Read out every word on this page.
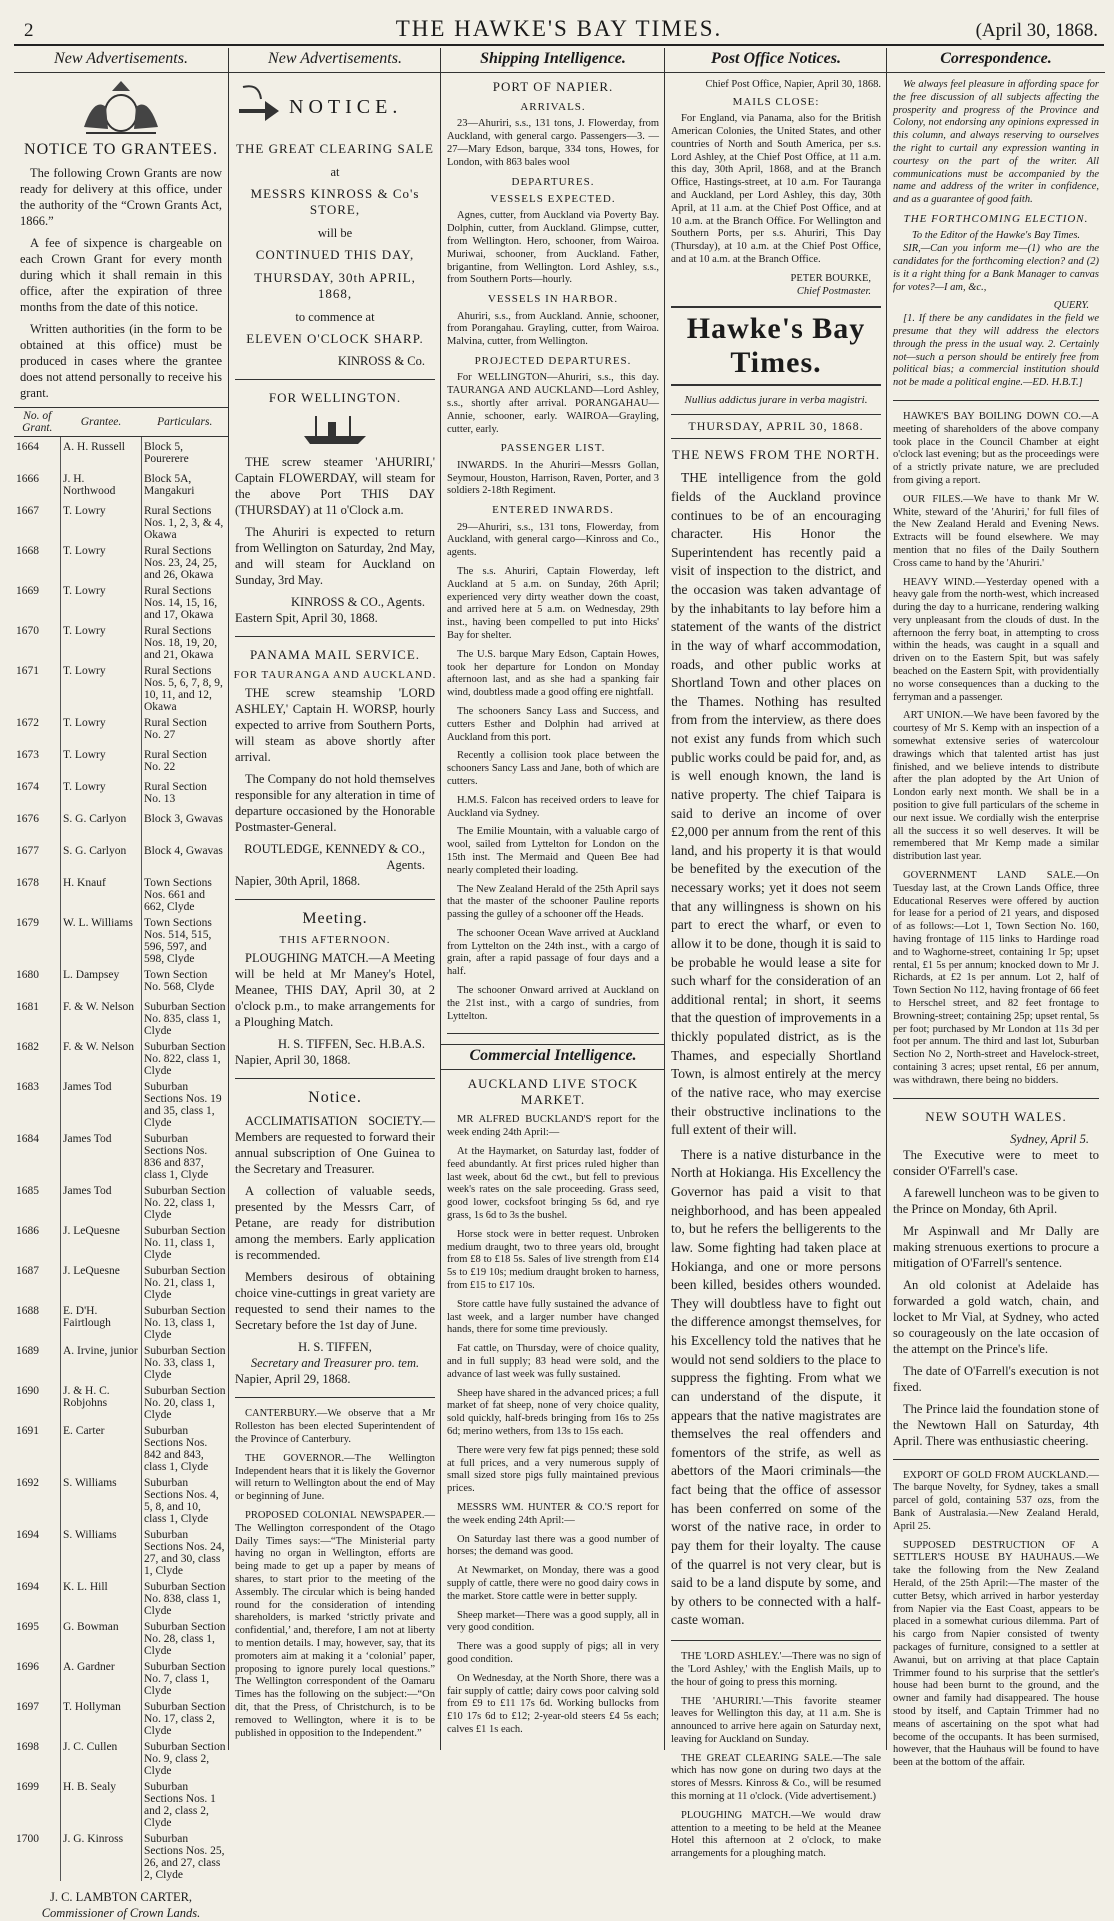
2	THE HAWKE'S BAY TIMES.	(April 30, 1868.
New Advertisements.
NOTICE TO GRANTEES.

The following Crown Grants are now ready for delivery at this office, under the authority of the “Crown Grants Act, 1866.”

A fee of sixpence is chargeable on each Crown Grant for every month during which it shall remain in this office, after the expiration of three months from the date of this notice.

Written authorities (in the form to be obtained at this office) must be produced in cases where the grantee does not attend personally to receive his grant.

No. of Grant.	Grantee.	Particulars.
1664	A. H. Russell	Block 5, Pourerere
1666	J. H. Northwood	Block 5A, Mangakuri
1667	T. Lowry	Rural Sections Nos. 1, 2, 3, & 4, Okawa
1668	T. Lowry	Rural Sections Nos. 23, 24, 25, and 26, Okawa
1669	T. Lowry	Rural Sections Nos. 14, 15, 16, and 17, Okawa
1670	T. Lowry	Rural Sections Nos. 18, 19, 20, and 21, Okawa
1671	T. Lowry	Rural Sections Nos. 5, 6, 7, 8, 9, 10, 11, and 12, Okawa
1672	T. Lowry	Rural Section No. 27
1673	T. Lowry	Rural Section No. 22
1674	T. Lowry	Rural Section No. 13
1676	S. G. Carlyon	Block 3, Gwavas
1677	S. G. Carlyon	Block 4, Gwavas
1678	H. Knauf	Town Sections Nos. 661 and 662, Clyde
1679	W. L. Williams	Town Sections Nos. 514, 515, 596, 597, and 598, Clyde
1680	L. Dampsey	Town Section No. 568, Clyde
1681	F. & W. Nelson	Suburban Section No. 835, class 1, Clyde
1682	F. & W. Nelson	Suburban Section No. 822, class 1, Clyde
1683	James Tod	Suburban Sections Nos. 19 and 35, class 1, Clyde
1684	James Tod	Suburban Sections Nos. 836 and 837, class 1, Clyde
1685	James Tod	Suburban Section No. 22, class 1, Clyde
1686	J. LeQuesne	Suburban Section No. 11, class 1, Clyde
1687	J. LeQuesne	Suburban Section No. 21, class 1, Clyde
1688	E. D'H. Fairtlough	Suburban Section No. 13, class 1, Clyde
1689	A. Irvine, junior	Suburban Section No. 33, class 1, Clyde
1690	J. & H. C. Robjohns	Suburban Section No. 20, class 1, Clyde
1691	E. Carter	Suburban Sections Nos. 842 and 843, class 1, Clyde
1692	S. Williams	Suburban Sections Nos. 4, 5, 8, and 10, class 1, Clyde
1694	S. Williams	Suburban Sections Nos. 24, 27, and 30, class 1, Clyde
1694	K. L. Hill	Suburban Section No. 838, class 1, Clyde
1695	G. Bowman	Suburban Section No. 28, class 1, Clyde
1696	A. Gardner	Suburban Section No. 7, class 1, Clyde
1697	T. Hollyman	Suburban Section No. 17, class 2, Clyde
1698	J. C. Cullen	Suburban Section No. 9, class 2, Clyde
1699	H. B. Sealy	Suburban Sections Nos. 1 and 2, class 2, Clyde
1700	J. G. Kinross	Suburban Sections Nos. 25, 26, and 27, class 2, Clyde
J. C. LAMBTON CARTER,
Commissioner of Crown Lands.
New Advertisements.
NOTICE.
THE GREAT CLEARING SALE
at
MESSRS KINROSS & Co's STORE,
will be
CONTINUED THIS DAY,
THURSDAY, 30th APRIL, 1868,
to commence at
ELEVEN O'CLOCK SHARP.
KINROSS & Co.
FOR WELLINGTON.

THE screw steamer 'AHURIRI,' Captain FLOWERDAY, will steam for the above Port THIS DAY (THURSDAY) at 11 o'Clock a.m.

The Ahuriri is expected to return from Wellington on Saturday, 2nd May, and will steam for Auckland on Sunday, 3rd May.

KINROSS & CO., Agents.
Eastern Spit, April 30, 1868.
PANAMA MAIL SERVICE.
FOR TAURANGA AND AUCKLAND.

THE screw steamship 'LORD ASHLEY,' Captain H. WORSP, hourly expected to arrive from Southern Ports, will steam as above shortly after arrival.

The Company do not hold themselves responsible for any alteration in time of departure occasioned by the Honorable Postmaster-General.

ROUTLEDGE, KENNEDY & CO., Agents.
Napier, 30th April, 1868.
Meeting.
THIS AFTERNOON.

PLOUGHING MATCH.—A Meeting will be held at Mr Maney's Hotel, Meanee, THIS DAY, April 30, at 2 o'clock p.m., to make arrangements for a Ploughing Match.

H. S. TIFFEN, Sec. H.B.A.S.
Napier, April 30, 1868.
Notice.

ACCLIMATISATION SOCIETY.—Members are requested to forward their annual subscription of One Guinea to the Secretary and Treasurer.

A collection of valuable seeds, presented by the Messrs Carr, of Petane, are ready for distribution among the members. Early application is recommended.

Members desirous of obtaining choice vine-cuttings in great variety are requested to send their names to the Secretary before the 1st day of June.

H. S. TIFFEN,
Secretary and Treasurer pro. tem.
Napier, April 29, 1868.

CANTERBURY.—We observe that a Mr Rolleston has been elected Superintendent of the Province of Canterbury.

THE GOVERNOR.—The Wellington Independent hears that it is likely the Governor will return to Wellington about the end of May or beginning of June.

PROPOSED COLONIAL NEWSPAPER.—The Wellington correspondent of the Otago Daily Times says:—“The Ministerial party having no organ in Wellington, efforts are being made to get up a paper by means of shares, to start prior to the meeting of the Assembly. The circular which is being handed round for the consideration of intending shareholders, is marked ‘strictly private and confidential,’ and, therefore, I am not at liberty to mention details. I may, however, say, that its promoters aim at making it a ‘colonial’ paper, proposing to ignore purely local questions.” The Wellington correspondent of the Oamaru Times has the following on the subject:—“On dit, that the Press, of Christchurch, is to be removed to Wellington, where it is to be published in opposition to the Independent.”

Shipping Intelligence.
PORT OF NAPIER.
ARRIVALS.

23—Ahuriri, s.s., 131 tons, J. Flowerday, from Auckland, with general cargo. Passengers—3. — 27—Mary Edson, barque, 334 tons, Howes, for London, with 863 bales wool

DEPARTURES.
VESSELS EXPECTED.

Agnes, cutter, from Auckland via Poverty Bay. Dolphin, cutter, from Auckland. Glimpse, cutter, from Wellington. Hero, schooner, from Wairoa. Muriwai, schooner, from Auckland. Father, brigantine, from Wellington. Lord Ashley, s.s., from Southern Ports—hourly.

VESSELS IN HARBOR.

Ahuriri, s.s., from Auckland. Annie, schooner, from Porangahau. Grayling, cutter, from Wairoa. Malvina, cutter, from Wellington.

PROJECTED DEPARTURES.

For WELLINGTON—Ahuriri, s.s., this day. TAURANGA AND AUCKLAND—Lord Ashley, s.s., shortly after arrival. PORANGAHAU—Annie, schooner, early. WAIROA—Grayling, cutter, early.

PASSENGER LIST.

INWARDS. In the Ahuriri—Messrs Gollan, Seymour, Houston, Harrison, Raven, Porter, and 3 soldiers 2-18th Regiment.

ENTERED INWARDS.

29—Ahuriri, s.s., 131 tons, Flowerday, from Auckland, with general cargo—Kinross and Co., agents.

The s.s. Ahuriri, Captain Flowerday, left Auckland at 5 a.m. on Sunday, 26th April; experienced very dirty weather down the coast, and arrived here at 5 a.m. on Wednesday, 29th inst., having been compelled to put into Hicks' Bay for shelter.

The U.S. barque Mary Edson, Captain Howes, took her departure for London on Monday afternoon last, and as she had a spanking fair wind, doubtless made a good offing ere nightfall.

The schooners Sancy Lass and Success, and cutters Esther and Dolphin had arrived at Auckland from this port.

Recently a collision took place between the schooners Sancy Lass and Jane, both of which are cutters.

H.M.S. Falcon has received orders to leave for Auckland via Sydney.

The Emilie Mountain, with a valuable cargo of wool, sailed from Lyttelton for London on the 15th inst. The Mermaid and Queen Bee had nearly completed their loading.

The New Zealand Herald of the 25th April says that the master of the schooner Pauline reports passing the gulley of a schooner off the Heads.

The schooner Ocean Wave arrived at Auckland from Lyttelton on the 24th inst., with a cargo of grain, after a rapid passage of four days and a half.

The schooner Onward arrived at Auckland on the 21st inst., with a cargo of sundries, from Lyttelton.

Commercial Intelligence.
AUCKLAND LIVE STOCK MARKET.

MR ALFRED BUCKLAND'S report for the week ending 24th April:—

At the Haymarket, on Saturday last, fodder of feed abundantly. At first prices ruled higher than last week, about 6d the cwt., but fell to previous week's rates on the sale proceeding. Grass seed, good lower, cocksfoot bringing 5s 6d, and rye grass, 1s 6d to 3s the bushel.

Horse stock were in better request. Unbroken medium draught, two to three years old, brought from £8 to £18 5s. Sales of live strength from £14 5s to £19 10s; medium draught broken to harness, from £15 to £17 10s.

Store cattle have fully sustained the advance of last week, and a larger number have changed hands, there for some time previously.

Fat cattle, on Thursday, were of choice quality, and in full supply; 83 head were sold, and the advance of last week was fully sustained.

Sheep have shared in the advanced prices; a full market of fat sheep, none of very choice quality, sold quickly, half-breds bringing from 16s to 25s 6d; merino wethers, from 13s to 15s each.

There were very few fat pigs penned; these sold at full prices, and a very numerous supply of small sized store pigs fully maintained previous prices.

MESSRS WM. HUNTER & CO.'S report for the week ending 24th April:—

On Saturday last there was a good number of horses; the demand was good.

At Newmarket, on Monday, there was a good supply of cattle, there were no good dairy cows in the market. Store cattle were in better supply.

Sheep market—There was a good supply, all in very good condition.

There was a good supply of pigs; all in very good condition.

On Wednesday, at the North Shore, there was a fair supply of cattle; dairy cows poor calving sold from £9 to £11 17s 6d. Working bullocks from £10 17s 6d to £12; 2-year-old steers £4 5s each; calves £1 1s each.

Post Office Notices.
Chief Post Office, Napier, April 30, 1868.
MAILS CLOSE:

For England, via Panama, also for the British American Colonies, the United States, and other countries of North and South America, per s.s. Lord Ashley, at the Chief Post Office, at 11 a.m. this day, 30th April, 1868, and at the Branch Office, Hastings-street, at 10 a.m. For Tauranga and Auckland, per Lord Ashley, this day, 30th April, at 11 a.m. at the Chief Post Office, and at 10 a.m. at the Branch Office. For Wellington and Southern Ports, per s.s. Ahuriri, This Day (Thursday), at 10 a.m. at the Chief Post Office, and at 10 a.m. at the Branch Office.

PETER BOURKE,
Chief Postmaster.
Hawke's Bay Times.
Nullius addictus jurare in verba magistri.
THURSDAY, APRIL 30, 1868.
THE NEWS FROM THE NORTH.

THE intelligence from the gold fields of the Auckland province continues to be of an encouraging character. His Honor the Superintendent has recently paid a visit of inspection to the district, and the occasion was taken advantage of by the inhabitants to lay before him a statement of the wants of the district in the way of wharf accommodation, roads, and other public works at Shortland Town and other places on the Thames. Nothing has resulted from from the interview, as there does not exist any funds from which such public works could be paid for, and, as is well enough known, the land is native property. The chief Taipara is said to derive an income of over £2,000 per annum from the rent of this land, and his property it is that would be benefited by the execution of the necessary works; yet it does not seem that any willingness is shown on his part to erect the wharf, or even to allow it to be done, though it is said to be probable he would lease a site for such wharf for the consideration of an additional rental; in short, it seems that the question of improvements in a thickly populated district, as is the Thames, and especially Shortland Town, is almost entirely at the mercy of the native race, who may exercise their obstructive inclinations to the full extent of their will.

There is a native disturbance in the North at Hokianga. His Excellency the Governor has paid a visit to that neighborhood, and has been appealed to, but he refers the belligerents to the law. Some fighting had taken place at Hokianga, and one or more persons been killed, besides others wounded. They will doubtless have to fight out the difference amongst themselves, for his Excellency told the natives that he would not send soldiers to the place to suppress the fighting. From what we can understand of the dispute, it appears that the native magistrates are themselves the real offenders and fomentors of the strife, as well as abettors of the Maori criminals—the fact being that the office of assessor has been conferred on some of the worst of the native race, in order to pay them for their loyalty. The cause of the quarrel is not very clear, but is said to be a land dispute by some, and by others to be connected with a half-caste woman.

THE 'LORD ASHLEY.'—There was no sign of the 'Lord Ashley,' with the English Mails, up to the hour of going to press this morning.

THE 'AHURIRI.'—This favorite steamer leaves for Wellington this day, at 11 a.m. She is announced to arrive here again on Saturday next, leaving for Auckland on Sunday.

THE GREAT CLEARING SALE.—The sale which has now gone on during two days at the stores of Messrs. Kinross & Co., will be resumed this morning at 11 o'clock. (Vide advertisement.)

PLOUGHING MATCH.—We would draw attention to a meeting to be held at the Meanee Hotel this afternoon at 2 o'clock, to make arrangements for a ploughing match.

Correspondence.

We always feel pleasure in affording space for the free discussion of all subjects affecting the prosperity and progress of the Province and Colony, not endorsing any opinions expressed in this column, and always reserving to ourselves the right to curtail any expression wanting in courtesy on the part of the writer. All communications must be accompanied by the name and address of the writer in confidence, and as a guarantee of good faith.

THE FORTHCOMING ELECTION.
To the Editor of the Hawke's Bay Times.

SIR,—Can you inform me—(1) who are the candidates for the forthcoming election? and (2) is it a right thing for a Bank Manager to canvas for votes?—I am, &c.,

QUERY.

[1. If there be any candidates in the field we presume that they will address the electors through the press in the usual way. 2. Certainly not—such a person should be entirely free from political bias; a commercial institution should not be made a political engine.—ED. H.B.T.]

HAWKE'S BAY BOILING DOWN CO.—A meeting of shareholders of the above company took place in the Council Chamber at eight o'clock last evening; but as the proceedings were of a strictly private nature, we are precluded from giving a report.

OUR FILES.—We have to thank Mr W. White, steward of the 'Ahuriri,' for full files of the New Zealand Herald and Evening News. Extracts will be found elsewhere. We may mention that no files of the Daily Southern Cross came to hand by the 'Ahuriri.'

HEAVY WIND.—Yesterday opened with a heavy gale from the north-west, which increased during the day to a hurricane, rendering walking very unpleasant from the clouds of dust. In the afternoon the ferry boat, in attempting to cross within the heads, was caught in a squall and driven on to the Eastern Spit, but was safely beached on the Eastern Spit, with providentially no worse consequences than a ducking to the ferryman and a passenger.

ART UNION.—We have been favored by the courtesy of Mr S. Kemp with an inspection of a somewhat extensive series of watercolour drawings which that talented artist has just finished, and we believe intends to distribute after the plan adopted by the Art Union of London early next month. We shall be in a position to give full particulars of the scheme in our next issue. We cordially wish the enterprise all the success it so well deserves. It will be remembered that Mr Kemp made a similar distribution last year.

GOVERNMENT LAND SALE.—On Tuesday last, at the Crown Lands Office, three Educational Reserves were offered by auction for lease for a period of 21 years, and disposed of as follows:—Lot 1, Town Section No. 160, having frontage of 115 links to Hardinge road and to Waghorne-street, containing 1r 5p; upset rental, £1 5s per annum; knocked down to Mr J. Richards, at £2 1s per annum. Lot 2, half of Town Section No 112, having frontage of 66 feet to Herschel street, and 82 feet frontage to Browning-street; containing 25p; upset rental, 5s per foot; purchased by Mr London at 11s 3d per foot per annum. The third and last lot, Suburban Section No 2, North-street and Havelock-street, containing 3 acres; upset rental, £6 per annum, was withdrawn, there being no bidders.

NEW SOUTH WALES.
Sydney, April 5.

The Executive were to meet to consider O'Farrell's case.

A farewell luncheon was to be given to the Prince on Monday, 6th April.

Mr Aspinwall and Mr Dally are making strenuous exertions to procure a mitigation of O'Farrell's sentence.

An old colonist at Adelaide has forwarded a gold watch, chain, and locket to Mr Vial, at Sydney, who acted so courageously on the late occasion of the attempt on the Prince's life.

The date of O'Farrell's execution is not fixed.

The Prince laid the foundation stone of the Newtown Hall on Saturday, 4th April. There was enthusiastic cheering.

EXPORT OF GOLD FROM AUCKLAND.—The barque Novelty, for Sydney, takes a small parcel of gold, containing 537 ozs, from the Bank of Australasia.—New Zealand Herald, April 25.

SUPPOSED DESTRUCTION OF A SETTLER'S HOUSE BY HAUHAUS.—We take the following from the New Zealand Herald, of the 25th April:—The master of the cutter Betsy, which arrived in harbor yesterday from Napier via the East Coast, appears to be placed in a somewhat curious dilemma. Part of his cargo from Napier consisted of twenty packages of furniture, consigned to a settler at Awanui, but on arriving at that place Captain Trimmer found to his surprise that the settler's house had been burnt to the ground, and the owner and family had disappeared. The house stood by itself, and Captain Trimmer had no means of ascertaining on the spot what had become of the occupants. It has been surmised, however, that the Hauhaus will be found to have been at the bottom of the affair.
